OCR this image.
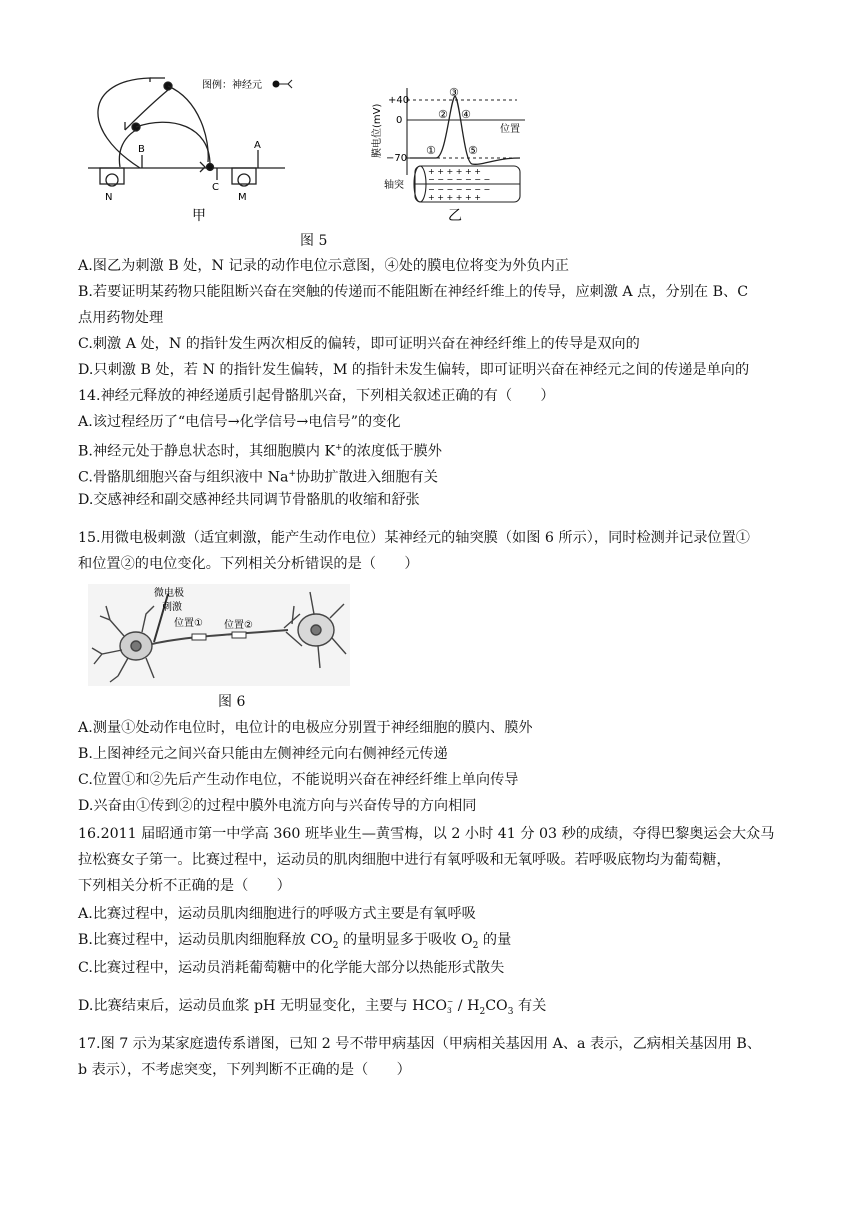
N	M
B	A
C
图例：神经元
甲
膜电位(mV)
+40
0
−70
位置
轴突
①
②
③
④
⑤
+ + + + + +
− − − − − − −
− − − − − − −
+ + + + + +
乙
图 5
A.图乙为刺激 B 处，N 记录的动作电位示意图，④处的膜电位将变为外负内正
B.若要证明某药物只能阻断兴奋在突触的传递而不能阻断在神经纤维上的传导，应刺激 A 点，分别在 B、C
点用药物处理
C.刺激 A 处，N 的指针发生两次相反的偏转，即可证明兴奋在神经纤维上的传导是双向的
D.只刺激 B 处，若 N 的指针发生偏转，M 的指针未发生偏转，即可证明兴奋在神经元之间的传递是单向的
14.神经元释放的神经递质引起骨骼肌兴奋，下列相关叙述正确的有（　　）
A.该过程经历了“电信号→化学信号→电信号”的变化
B.神经元处于静息状态时，其细胞膜内 K+的浓度低于膜外
C.骨骼肌细胞兴奋与组织液中 Na+协助扩散进入细胞有关
D.交感神经和副交感神经共同调节骨骼肌的收缩和舒张
15.用微电极刺激（适宜刺激，能产生动作电位）某神经元的轴突膜（如图 6 所示），同时检测并记录位置①
和位置②的电位变化。下列相关分析错误的是（　　）
微电极
刺激
位置① 位置②
图 6
A.测量①处动作电位时，电位计的电极应分别置于神经细胞的膜内、膜外
B.上图神经元之间兴奋只能由左侧神经元向右侧神经元传递
C.位置①和②先后产生动作电位，不能说明兴奋在神经纤维上单向传导
D.兴奋由①传到②的过程中膜外电流方向与兴奋传导的方向相同
16.2011 届昭通市第一中学高 360 班毕业生—黄雪梅，以 2 小时 41 分 03 秒的成绩，夺得巴黎奥运会大众马
拉松赛女子第一。比赛过程中，运动员的肌肉细胞中进行有氧呼吸和无氧呼吸。若呼吸底物均为葡萄糖，
下列相关分析不正确的是（　　）
A.比赛过程中，运动员肌肉细胞进行的呼吸方式主要是有氧呼吸
B.比赛过程中，运动员肌肉细胞释放 $CO_2$ 的量明显多于吸收 $O_2$ 的量
C.比赛过程中，运动员消耗葡萄糖中的化学能大部分以热能形式散失
D.比赛结束后，运动员血浆 pH 无明显变化，主要与 HCO −
$3 / H_2CO_3$ 有关
17.图 7 示为某家庭遗传系谱图，已知 2 号不带甲病基因（甲病相关基因用 A、a 表示，乙病相关基因用 B、
b 表示），不考虑突变，下列判断不正确的是（　　）
